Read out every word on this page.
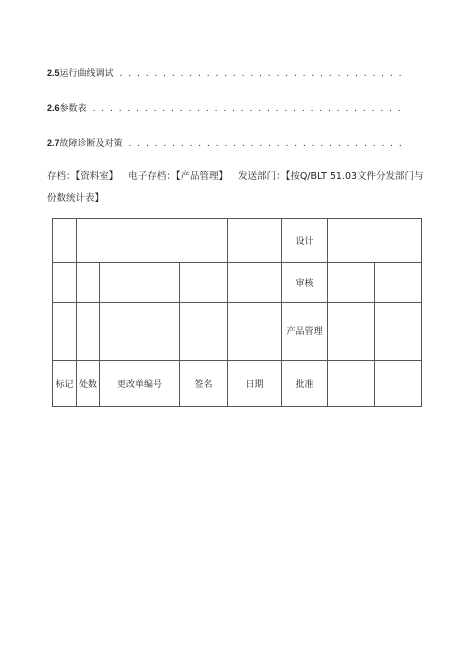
2.5运行曲线调试 . . . . . . . . . . . . . . . . . . . . . . . . . . . . . . . . .
2.6参数表 . . . . . . . . . . . . . . . . . . . . . . . . . . . . . . . . . . . .
2.7故障诊断及对策 . . . . . . . . . . . . . . . . . . . . . . . . . . . . . . . .
存档：【资料室】 电子存档：【产品管理】 发送部门：【按Q/BLT 51.03文件分发部门与份数统计表】
					设计		
					审核		
					产品管理		
标记	处数	更改单编号	签名	日期	批准		
